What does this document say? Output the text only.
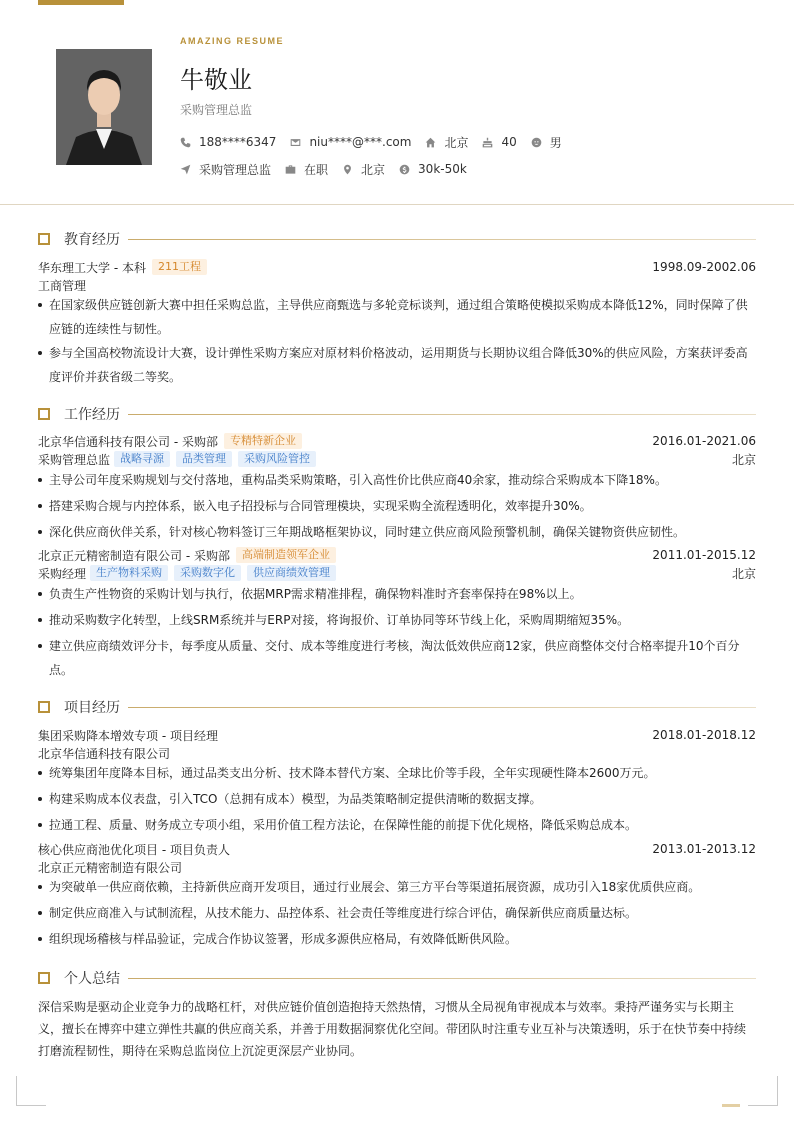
AMAZING RESUME
牛敬业
采购管理总监
188****6347	niu****@***.com	北京	40	男
采购管理总监	在职	北京	30k-50k
教育经历
华东理工大学 - 本科	211工程	1998.09-2002.06
工商管理
在国家级供应链创新大赛中担任采购总监，主导供应商甄选与多轮竞标谈判，通过组合策略使模拟采购成本降低12%，同时保障了供应链的连续性与韧性。
参与全国高校物流设计大赛，设计弹性采购方案应对原材料价格波动，运用期货与长期协议组合降低30%的供应风险，方案获评委高度评价并获省级二等奖。
工作经历
北京华信通科技有限公司 - 采购部	专精特新企业	2016.01-2021.06
采购管理总监 战略寻源	品类管理	采购风险管控	北京
主导公司年度采购规划与交付落地，重构品类采购策略，引入高性价比供应商40余家，推动综合采购成本下降18%。
搭建采购合规与内控体系，嵌入电子招投标与合同管理模块，实现采购全流程透明化，效率提升30%。
深化供应商伙伴关系，针对核心物料签订三年期战略框架协议，同时建立供应商风险预警机制，确保关键物资供应韧性。
北京正元精密制造有限公司 - 采购部	高端制造领军企业	2011.01-2015.12
采购经理 生产物料采购	采购数字化	供应商绩效管理	北京
负责生产性物资的采购计划与执行，依据MRP需求精准排程，确保物料准时齐套率保持在98%以上。
推动采购数字化转型，上线SRM系统并与ERP对接，将询报价、订单协同等环节线上化，采购周期缩短35%。
建立供应商绩效评分卡，每季度从质量、交付、成本等维度进行考核，淘汰低效供应商12家，供应商整体交付合格率提升10个百分点。
项目经历
集团采购降本增效专项 - 项目经理	2018.01-2018.12
北京华信通科技有限公司
统筹集团年度降本目标，通过品类支出分析、技术降本替代方案、全球比价等手段，全年实现硬性降本2600万元。
构建采购成本仪表盘，引入TCO（总拥有成本）模型，为品类策略制定提供清晰的数据支撑。
拉通工程、质量、财务成立专项小组，采用价值工程方法论，在保障性能的前提下优化规格，降低采购总成本。
核心供应商池优化项目 - 项目负责人	2013.01-2013.12
北京正元精密制造有限公司
为突破单一供应商依赖，主持新供应商开发项目，通过行业展会、第三方平台等渠道拓展资源，成功引入18家优质供应商。
制定供应商准入与试制流程，从技术能力、品控体系、社会责任等维度进行综合评估，确保新供应商质量达标。
组织现场稽核与样品验证，完成合作协议签署，形成多源供应格局，有效降低断供风险。
个人总结
深信采购是驱动企业竞争力的战略杠杆，对供应链价值创造抱持天然热情，习惯从全局视角审视成本与效率。秉持严谨务实与长期主义，擅长在博弈中建立弹性共赢的供应商关系，并善于用数据洞察优化空间。带团队时注重专业互补与决策透明，乐于在快节奏中持续打磨流程韧性，期待在采购总监岗位上沉淀更深层产业协同。
